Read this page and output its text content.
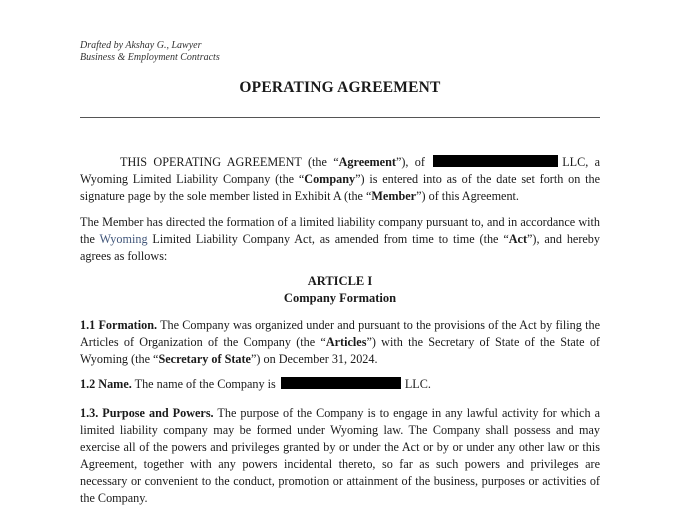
Drafted by Akshay G., Lawyer
Business & Employment Contracts
OPERATING AGREEMENT
THIS OPERATING AGREEMENT (the “Agreement”), of	LLC, a Wyoming Limited Liability Company (the “Company”) is entered into as of the date set forth on the signature page by the sole member listed in Exhibit A (the “Member”) of this Agreement.
The Member has directed the formation of a limited liability company pursuant to, and in accordance with the Wyoming Limited Liability Company Act, as amended from time to time (the “Act”), and hereby agrees as follows:
ARTICLE I
Company Formation
1.1 Formation. The Company was organized under and pursuant to the provisions of the Act by filing the Articles of Organization of the Company (the “Articles”) with the Secretary of State of the State of Wyoming (the “Secretary of State”) on December 31, 2024.
1.2 Name. The name of the Company is	LLC.
1.3. Purpose and Powers. The purpose of the Company is to engage in any lawful activity for which a limited liability company may be formed under Wyoming law. The Company shall possess and may exercise all of the powers and privileges granted by or under the Act or by or under any other law or this Agreement, together with any powers incidental thereto, so far as such powers and privileges are necessary or convenient to the conduct, promotion or attainment of the business, purposes or activities of the Company.
